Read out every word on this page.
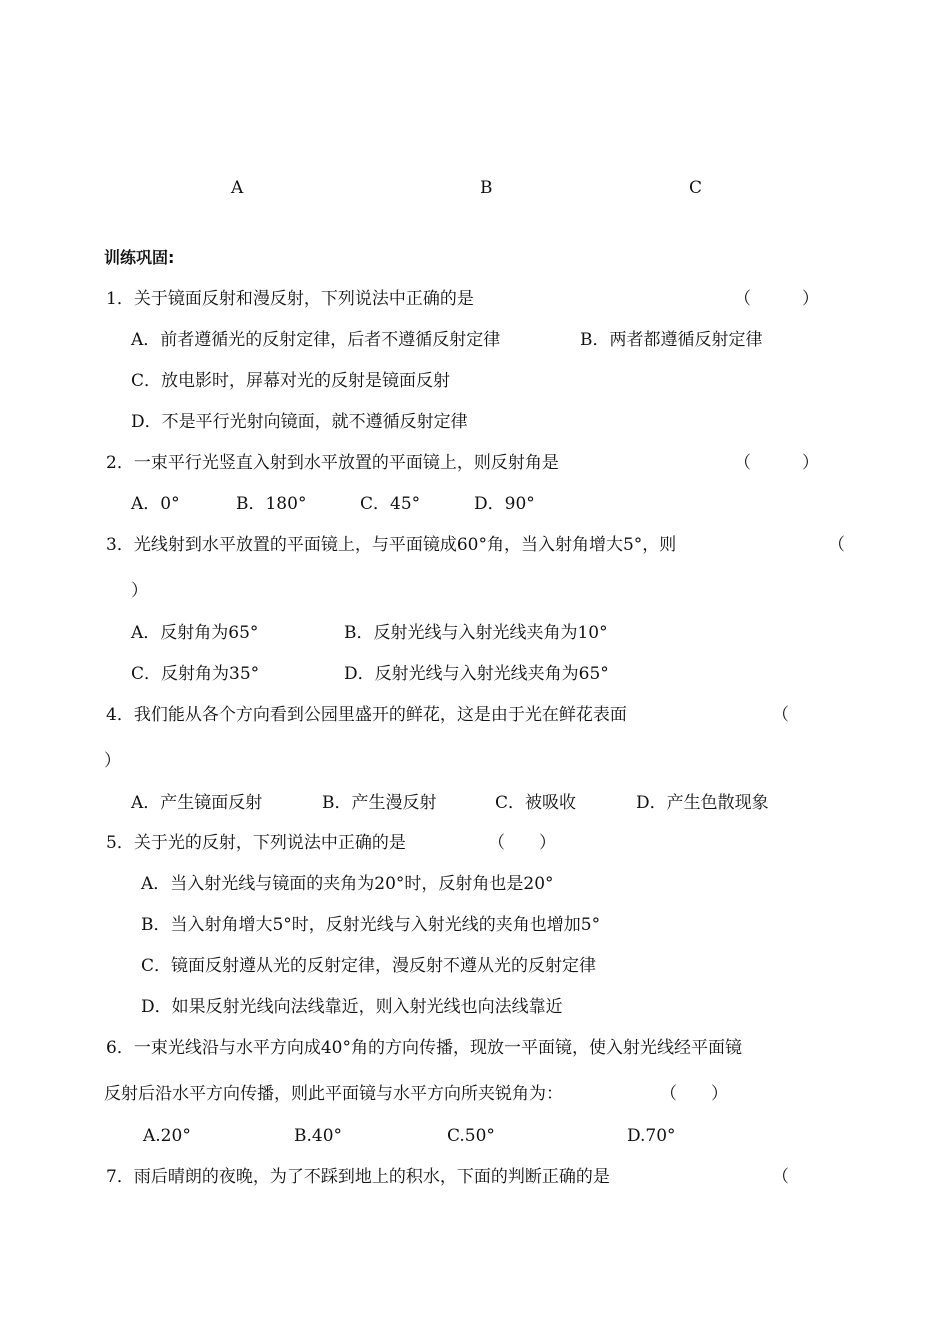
A	B	C
训练巩固:
1．关于镜面反射和漫反射，下列说法中正确的是	（　　　）
A．前者遵循光的反射定律，后者不遵循反射定律	B．两者都遵循反射定律
C．放电影时，屏幕对光的反射是镜面反射
D．不是平行光射向镜面，就不遵循反射定律
2．一束平行光竖直入射到水平放置的平面镜上，则反射角是	（　　　）
A．0°	B．180°	C．45°	D．90°
3．光线射到水平放置的平面镜上，与平面镜成60°角，当入射角增大5°，则	（
）
A．反射角为65°	B．反射光线与入射光线夹角为10°
C．反射角为35°	D．反射光线与入射光线夹角为65°
4．我们能从各个方向看到公园里盛开的鲜花，这是由于光在鲜花表面	（
）
A．产生镜面反射	B．产生漫反射	C．被吸收	D．产生色散现象
5．关于光的反射，下列说法中正确的是	（　　）
A．当入射光线与镜面的夹角为20°时，反射角也是20°
B．当入射角增大5°时，反射光线与入射光线的夹角也增加5°
C．镜面反射遵从光的反射定律，漫反射不遵从光的反射定律
D．如果反射光线向法线靠近，则入射光线也向法线靠近
6．一束光线沿与水平方向成40°角的方向传播，现放一平面镜，使入射光线经平面镜
反射后沿水平方向传播，则此平面镜与水平方向所夹锐角为：	（　　）
A.20°	B.40°	C.50°	D.70°
7．雨后晴朗的夜晚，为了不踩到地上的积水，下面的判断正确的是	（
